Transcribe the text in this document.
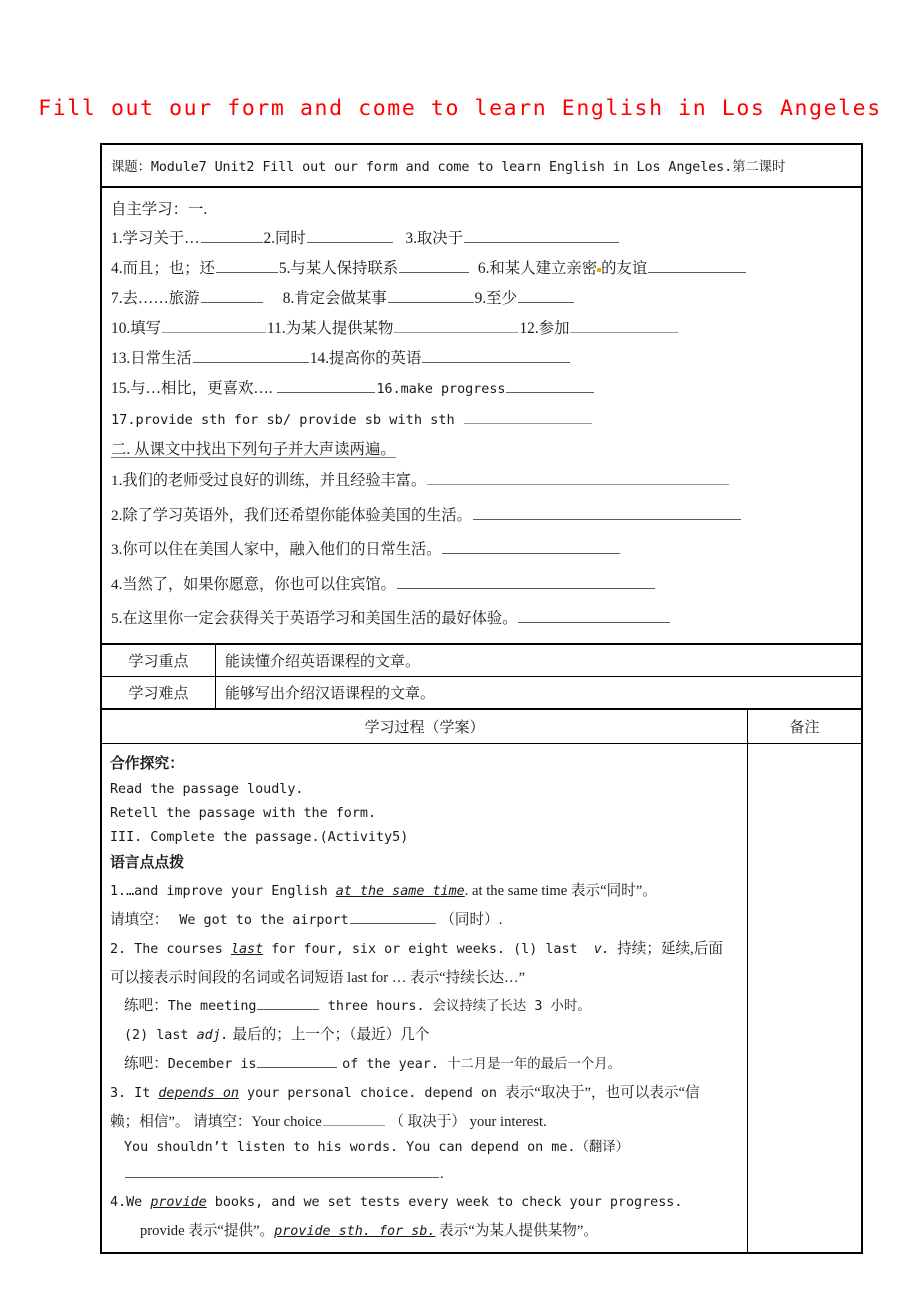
Fill out our form and come to learn English in Los Angeles
课题：Module7 Unit2 Fill out our form and come to learn English in Los Angeles.第二课时
自主学习：一.
1.学习关于…	2.同时	3.取决于
4.而且；也；还	5.与某人保持联系	6.和某人建立亲密 的友谊
7.去……旅游	8.肯定会做某事	9.至少
10.填写	11.为某人提供某物	12.参加
13.日常生活	14.提高你的英语
15.与…相比，更喜欢….	16.make progress
17.provide sth for sb/ provide sb with sth
二. 从课文中找出下列句子并大声读两遍。
1.我们的老师受过良好的训练，并且经验丰富。
2.除了学习英语外，我们还希望你能体验美国的生活。
3.你可以住在美国人家中，融入他们的日常生活。
4.当然了，如果你愿意，你也可以住宾馆。
5.在这里你一定会获得关于英语学习和美国生活的最好体验。
学习重点	能读懂介绍英语课程的文章。
学习难点	能够写出介绍汉语课程的文章。
学习过程（学案）	备注
合作探究：
Read the passage loudly.
Retell the passage with the form.
III. Complete the passage.(Activity5)
语言点点拨
1.…and improve your English at the same time. at the same time 表示“同时”。
请填空： We got to the airport	（同时）.
2. The courses last for four, six or eight weeks. (l) last  v.  持续；延续,后面
可以接表示时间段的名词或名词短语 last for … 表示“持续长达…”
练吧：The meeting	three hours. 会议持续了长达 3 小时。
(2) last adj. 最后的；上一个；（最近）几个
练吧：December is	of the year. 十二月是一年的最后一个月。
3. It depends on your personal choice. depend on 表示“取决于”，也可以表示“信
赖；相信”。 请填空：Your choice	（ 取决于） your interest.
You shouldn’t listen to his words. You can depend on me.（翻译）
.
4.We provide books, and we set tests every week to check your progress.
provide 表示“提供”。provide sth. for sb. 表示“为某人提供某物”。
